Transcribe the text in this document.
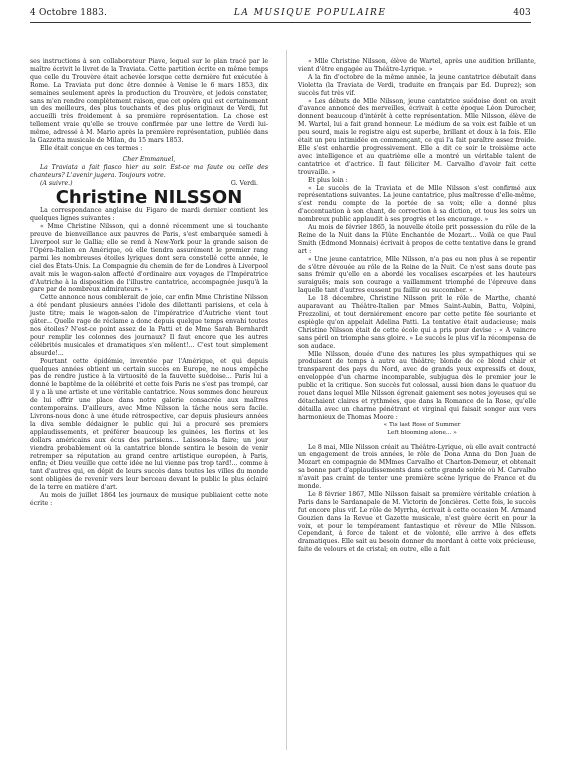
4 Octobre 1883.	LA MUSIQUE POPULAIRE	403

ses instructions à son collaborateur Piave, lequel sur le plan tracé par le maître écrivit le livret de la Traviata. Cette partition écrite en même temps que celle du Trouvère était achevée lorsque cette dernière fut exécutée à Rome. La Traviata put donc être donnée à Venise le 6 mars 1853, dix semaines seulement après la production du Trouvère, et jedois constater, sans m'en rendre complètement raison, que cet opéra qui est certainement un des meilleurs, des plus touchants et des plus originaux de Verdi, fut accueilli très froidement à sa première représentation. La chose est tellement vraie qu'elle se trouve confirmée par une lettre de Verdi lui-même, adressé à M. Mario après la première représentation, publiée dans la Gazzetta musicale de Milan, du 15 mars 1853.

Elle était conçue en ces termes :

Cher Emmanuel,

La Traviata a fait fiasco hier au soir. Est-ce ma faute ou celle des chanteurs? L'avenir jugera. Toujours votre.

(A suivre.)	G. Verdi.
Christine NILSSON

La correspondance anglaise du Figaro de mardi dernier contient les quelques lignes suivantes :

« Mme Christine Nilsson, qui a donné récemment une si touchante preuve de bienveillance aux pauvres de Paris, s'est embarquée samedi à Liverpool sur le Gallia; elle se rend à New-York pour la grande saison de l'Opéra-Italien en Amérique, où elle tiendra assurément le premier rang parmi les nombreuses étoiles lyriques dont sera constellé cette année, le ciel des États-Unis. La Compagnie du chemin de fer de Londres à Liverpool avait mis le wagon-salon affecté d'ordinaire aux voyages de l'Impératrice d'Autriche à la disposition de l'illustre cantatrice, accompagnée jusqu'à la gare par de nombreux admirateurs. »

Cette annonce nous comblerait de joie, car enfin Mme Christine Nilsson a été pendant plusieurs années l'idole des dilettanti parisiens, et cela à juste titre; mais le wagon-salon de l'impératrice d'Autriche vient tout gâter... Quelle rage de réclame a donc depuis quelque temps envahi toutes nos étoiles? N'est-ce point assez de la Patti et de Mme Sarah Bernhardt pour remplir les colonnes des journaux? Il faut encore que les autres célébrités musicales et dramatiques s'en mêlent!... C'est tout simplement absurde!...

Pourtant cette épidémie, inventée par l'Amérique, et qui depuis quelques années obtient un certain succès en Europe, ne nous empêche pas de rendre justice à la virtuosité de la fauvette suédoise... Paris lui a donné le baptême de la célébrité et cette fois Paris ne s'est pas trompé, car il y a là une artiste et une véritable cantatrice. Nous sommes donc heureux de lui offrir une place dans notre galerie consacrée aux maîtres contemporains. D'ailleurs, avec Mme Nilsson la tâche nous sera facile. Livrons-nous donc à une étude rétrospective, car depuis plusieurs années la diva semble dédaigner le public qui lui a procuré ses premiers applaudissements, et préférer beaucoup les guinées, les florins et les dollars américains aux écus des parisiens... Laissons-la faire; un jour viendra probablement où la cantatrice blonde sentira le besoin de venir retremper sa réputation au grand centre artistique européen, à Paris, enfin; et Dieu veuille que cette idée ne lui vienne pas trop tard!... comme à tant d'autres qui, en dépit de leurs succès dans toutes les villes du monde sont obligées de revenir vers leur berceau devant le public le plus éclairé de la terre en matière d'art.

Au mois de juillet 1864 les journaux de musique publiaient cette note écrite :

« Mlle Christine Nilsson, élève de Wartel, après une audition brillante, vient d'être engagée au Théâtre-Lyrique. »

A la fin d'octobre de la même année, la jeune cantatrice débutait dans Violetta (la Traviata de Verdi, traduite en français par Ed. Duprez); son succès fut très vif.

« Les débuts de Mlle Nilsson, jeune cantatrice suédoise dont on avait d'avance annoncé des merveilles, écrivait à cette époque Léon Durocher, donnent beaucoup d'intérêt à cette représentation. Mlle Nilsson, élève de M. Wartel, lui a fait grand honneur. Le médium de sa voix est faible et un peu sourd, mais le registre aigu est superbe, brillant et doux à la fois. Elle était un peu intimidée en commençant, ce qui l'a fait paraître assez froide. Elle s'est enhardie progressivement. Elle a dit ce soir le troisième acte avec intelligence et au quatrième elle a montré un véritable talent de cantatrice et d'actrice. Il faut féliciter M. Carvalho d'avoir fait cette trouvaille. »

Et plus loin :

« Le succès de la Traviata et de Mlle Nilsson s'est confirmé aux représentations suivantes. La jeune cantatrice, plus maîtresse d'elle-même, s'est rendu compte de la portée de sa voix; elle a donné plus d'accentuation à son chant, de correction à sa diction, et tous les soirs un nombreux public applaudit à ses progrès et les encourage. »

Au mois de février 1865, la nouvelle étoile prit possession du rôle de la Reine de la Nuit dans la Flûte Enchantée de Mozart... Voilà ce que Paul Smith (Edmond Monnais) écrivait à propos de cette tentative dans le grand art :

« Une jeune cantatrice, Mlle Nilsson, n'a pas eu non plus à se repentir de s'être dévouée au rôle de la Reine de la Nuit. Ce n'est sans doute pas sans frémir qu'elle en a abordé les vocalises escarpées et les hauteurs suraiguës; mais son courage a vaillamment triomphé de l'épreuve dans laquelle tant d'autres eussent pu faillir ou succomber. »

Le 18 décembre, Christine Nilsson prit le rôle de Marthe, chanté auparavant au Théâtre-Italien par Mmes Saint-Aubin, Battu, Volpini, Frezzolini, et tout derniérement encore par cette petite fée souriante et espiègle qu'on appelait Adelina Patti. La tentative était audacieuse; mais Christine Nilsson était de cette école qui a pris pour devise : « A vaincre sans péril on triomphe sans gloire. » Le succès le plus vif la récompensa de son audace.

Mlle Nilsson, douée d'une des natures les plus sympathiques qui se produisent de temps à autre au théâtre; blonde de ce blond chair et transparent des pays du Nord, avec de grands yeux expressifs et doux, enveloppée d'un charme incomparable, subjugua dès le premier jour le public et la critique. Son succès fut colossal, aussi bien dans le quatuor du rouet dans lequel Mlle Nilsson égrenait gaiement ses notes joyeuses qui se détachaient claires et rythmées, que dans la Romance de la Rose, qu'elle détailla avec un charme pénétrant et virginal qui faisait songer aux vers harmonieux de Thomas Moore :

« Tis last Rose of Summer

Left blooming alone... »

Le 8 mai, Mlle Nilsson créait au Théâtre-Lyrique, où elle avait contracté un engagement de trois années, le rôle de Dona Anna du Don Juan de Mozart en compagnie de MMmes Carvalho et Charton-Demeur, et obtenait sa bonne part d'applaudissements dans cette grande soirée où M. Carvalho n'avait pas craint de tenter une première scène lyrique de France et du monde.

Le 8 février 1867, Mlle Nilsson faisait sa première véritable création à Paris dans le Sardanapale de M. Victorin de Joncières. Cette fois, le succès fut encore plus vif. Le rôle de Myrrha, écrivait à cette occasion M. Armand Gouzien dans la Revue et Gazette musicale, n'est guère écrit en pour la voix, et pour le tempérament fantastique et rêveur de Mlle Nilsson. Cependant, à force de talent et de volonté, elle arrive à des effets dramatiques. Elle sait au besoin donner du mordant à cette voix précieuse, faite de velours et de cristal; en outre, elle a fait
